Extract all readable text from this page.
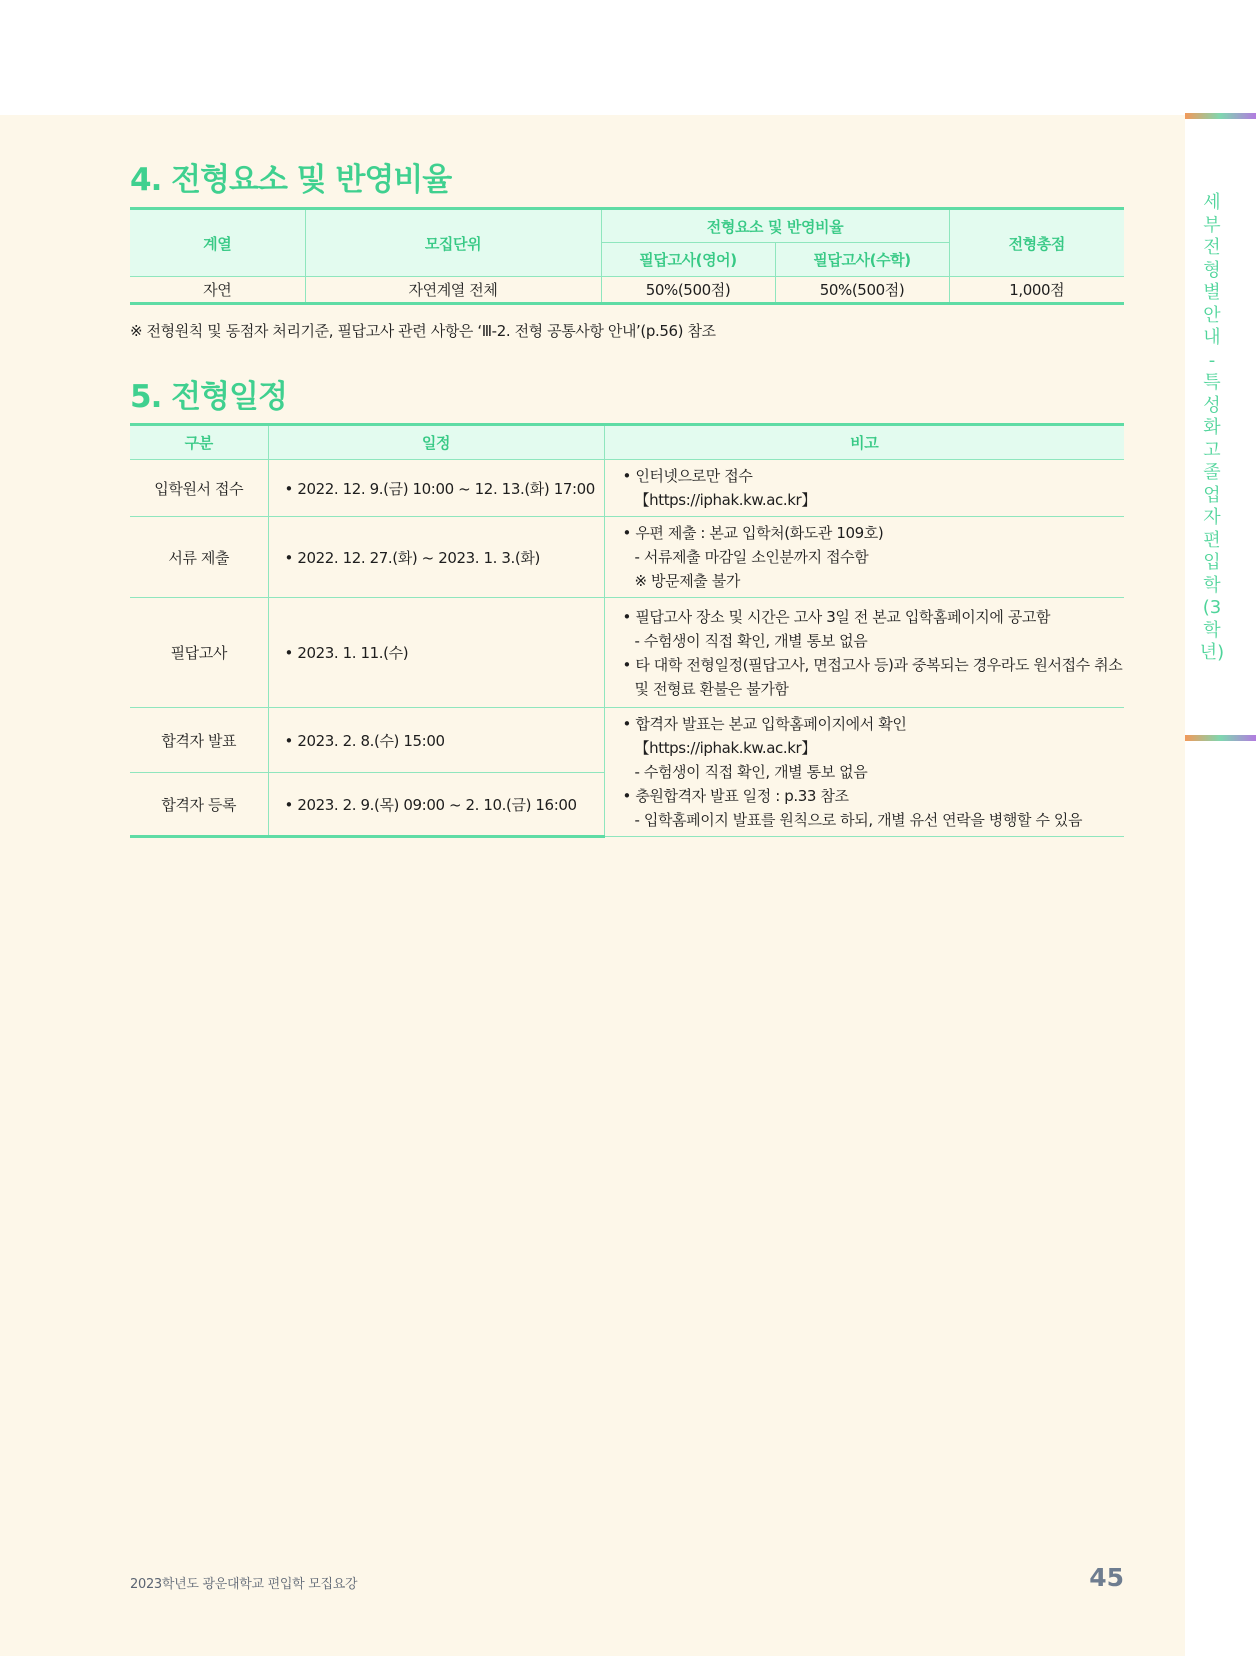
세부 전형별 안내 - 특성화고졸업자 편입학(3학년)
4. 전형요소 및 반영비율
계열	모집단위	전형요소 및 반영비율		전형총점
		필답고사(영어)	필답고사(수학)	
자연	자연계열 전체	50%(500점)	50%(500점)	1,000점
※ 전형원칙 및 동점자 처리기준, 필답고사 관련 사항은 ‘Ⅲ-2. 전형 공통사항 안내’(p.56) 참조
5. 전형일정
구분	일정	비고
입학원서 접수	• 2022. 12. 9.(금) 10:00 ~ 12. 13.(화) 17:00	• 인터넷으로만 접수
【https://iphak.kw.ac.kr】

서류 제출	• 2022. 12. 27.(화) ~ 2023. 1. 3.(화)	• 우편 제출 : 본교 입학처(화도관 109호)
- 서류제출 마감일 소인분까지 접수함
※ 방문제출 불가

필답고사	• 2023. 1. 11.(수)	• 필답고사 장소 및 시간은 고사 3일 전 본교 입학홈페이지에 공고함
- 수험생이 직접 확인, 개별 통보 없음
• 타 대학 전형일정(필답고사, 면접고사 등)과 중복되는 경우라도 원서접수 취소
및 전형료 환불은 불가함

합격자 발표	• 2023. 2. 8.(수) 15:00	• 합격자 발표는 본교 입학홈페이지에서 확인
【https://iphak.kw.ac.kr】
- 수험생이 직접 확인, 개별 통보 없음
• 충원합격자 발표 일정 : p.33 참조
- 입학홈페이지 발표를 원칙으로 하되, 개별 유선 연락을 병행할 수 있음

합격자 등록	• 2023. 2. 9.(목) 09:00 ~ 2. 10.(금) 16:00	
2023학년도 광운대학교 편입학 모집요강	45
